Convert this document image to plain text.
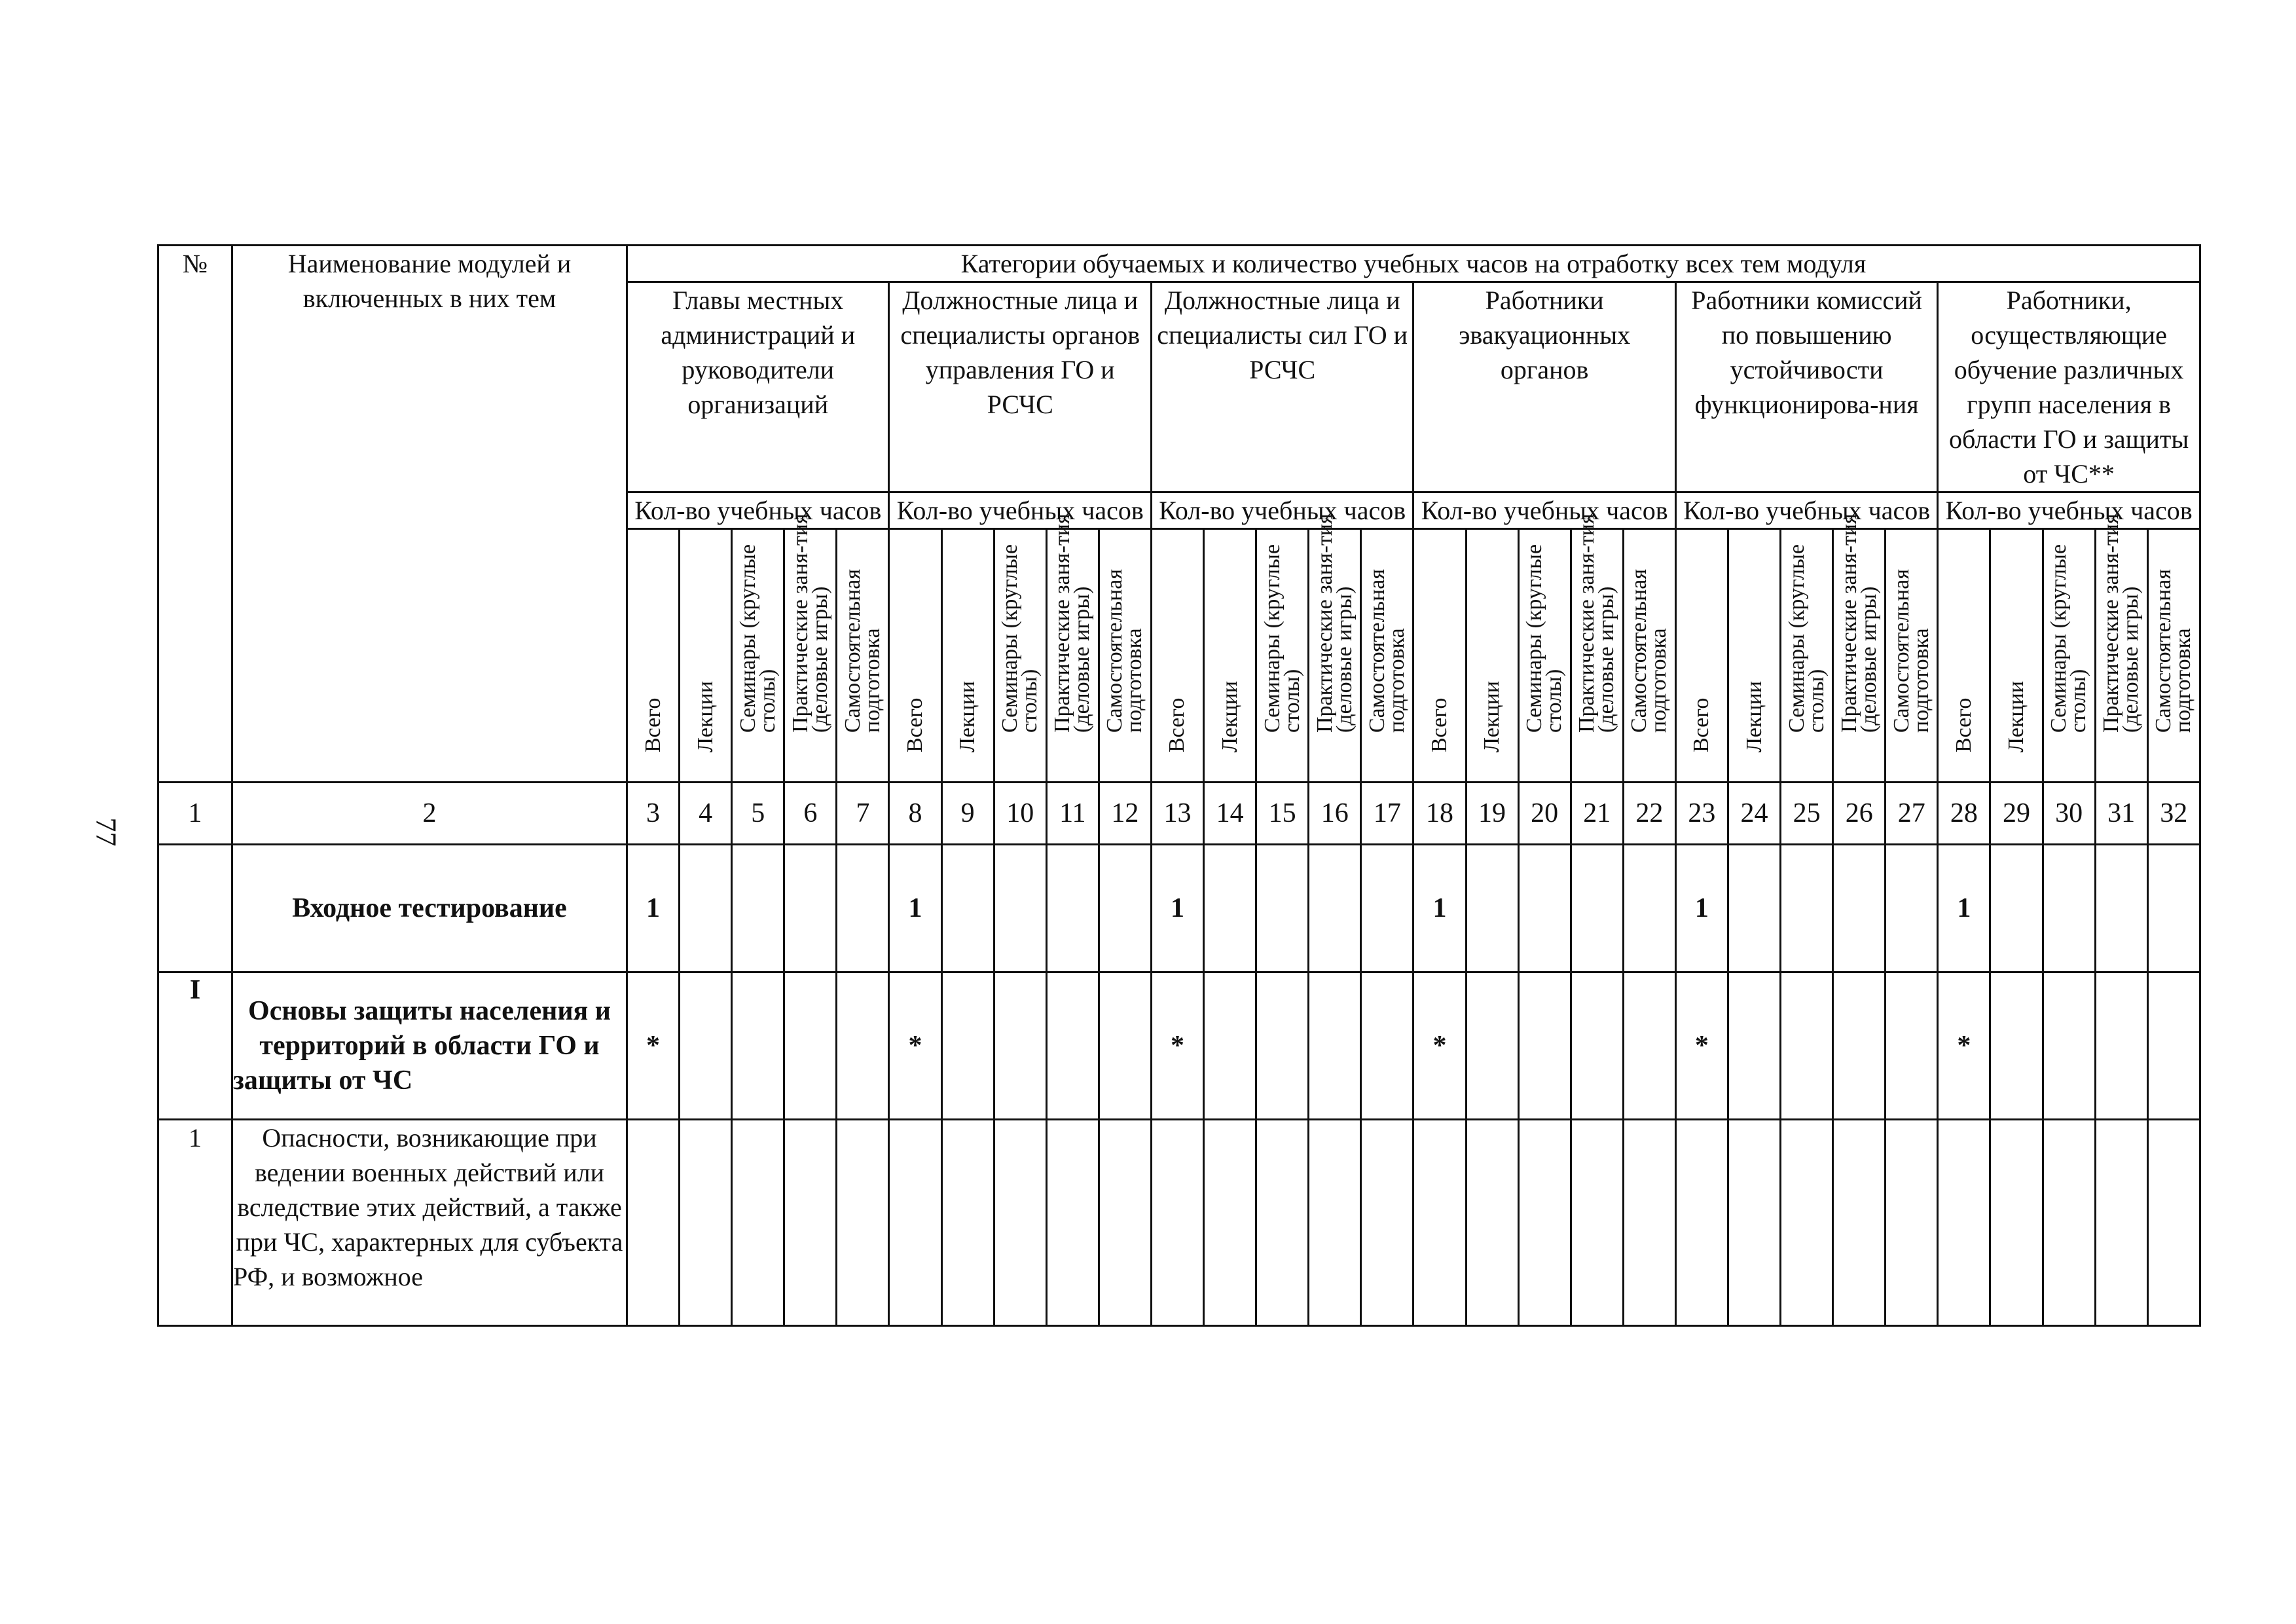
77
№	Наименование модулей и включенных в них тем	Категории обучаемых и количество учебных часов на отработку всех тем модуля																													
		Главы местных администраций и руководители организаций					Должностные лица и специалисты органов управления ГО и РСЧС					Должностные лица и специалисты сил ГО и РСЧС					Работники эвакуационных органов					Работники комиссий по повышению устойчивости функционирова-ния					Работники, осуществляющие обучение различных групп населения в области ГО и защиты от ЧС**				
		Кол-во учебных часов					Кол-во учебных часов					Кол-во учебных часов					Кол-во учебных часов					Кол-во учебных часов					Кол-во учебных часов				

		Всего	Лекции	Семинары (круглые столы)	Практические заня-тия (деловые игры)	Самостоятельная подготовка	Всего	Лекции	Семинары (круглые столы)	Практические заня-тия (деловые игры)	Самостоятельная подготовка	Всего	Лекции	Семинары (круглые столы)	Практические заня-тия (деловые игры)	Самостоятельная подготовка	Всего	Лекции	Семинары (круглые столы)	Практические заня-тия (деловые игры)	Самостоятельная подготовка	Всего	Лекции	Семинары (круглые столы)	Практические заня-тия (деловые игры)	Самостоятельная подготовка	Всего	Лекции	Семинары (круглые столы)	Практические заня-тия (деловые игры)	Самостоятельная подготовка

1	2	3	4	5	6	7	8	9	10	11	12	13	14	15	16	17	18	19	20	21	22	23	24	25	26	27	28	29	30	31	32
	Входное тестирование	1					1					1					1					1					1				
I	Основы защиты населения и территорий в области ГО и защиты от ЧС	*					*					*					*					*					*				
1	Опасности, возникающие при ведении военных действий или вследствие этих действий, а также при ЧС, характерных для субъекта РФ, и возможное																														
